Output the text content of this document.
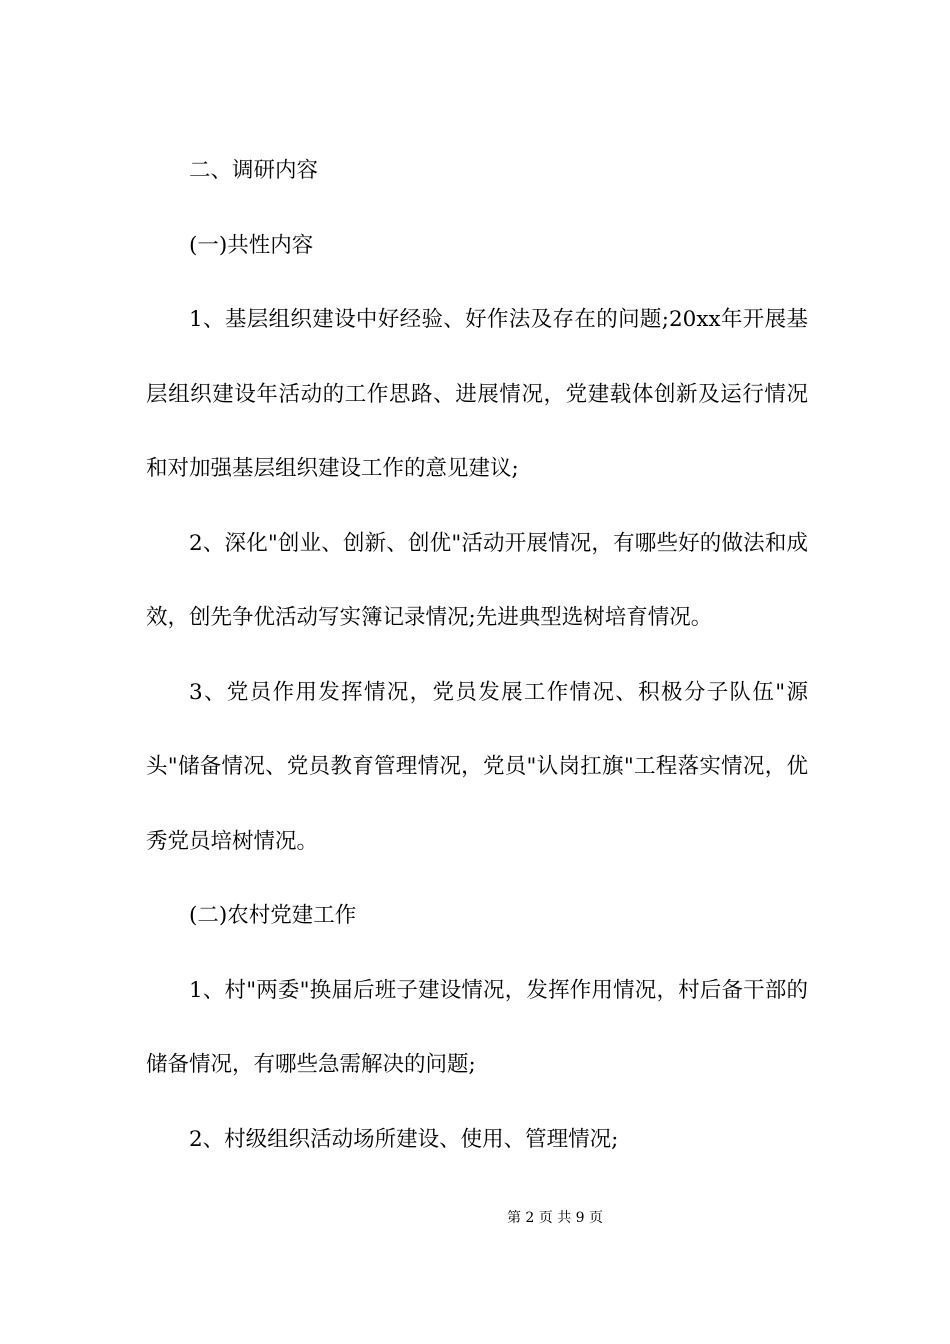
二、调研内容

(一)共性内容

1、基层组织建设中好经验、好作法及存在的问题;20xx年开展基层组织建设年活动的工作思路、进展情况，党建载体创新及运行情况和对加强基层组织建设工作的意见建议;

2、深化"创业、创新、创优"活动开展情况，有哪些好的做法和成效，创先争优活动写实簿记录情况;先进典型选树培育情况。

3、党员作用发挥情况，党员发展工作情况、积极分子队伍"源头"储备情况、党员教育管理情况，党员"认岗扛旗"工程落实情况，优秀党员培树情况。

(二)农村党建工作

1、村"两委"换届后班子建设情况，发挥作用情况，村后备干部的储备情况，有哪些急需解决的问题;

2、村级组织活动场所建设、使用、管理情况;

第 2 页 共 9 页
